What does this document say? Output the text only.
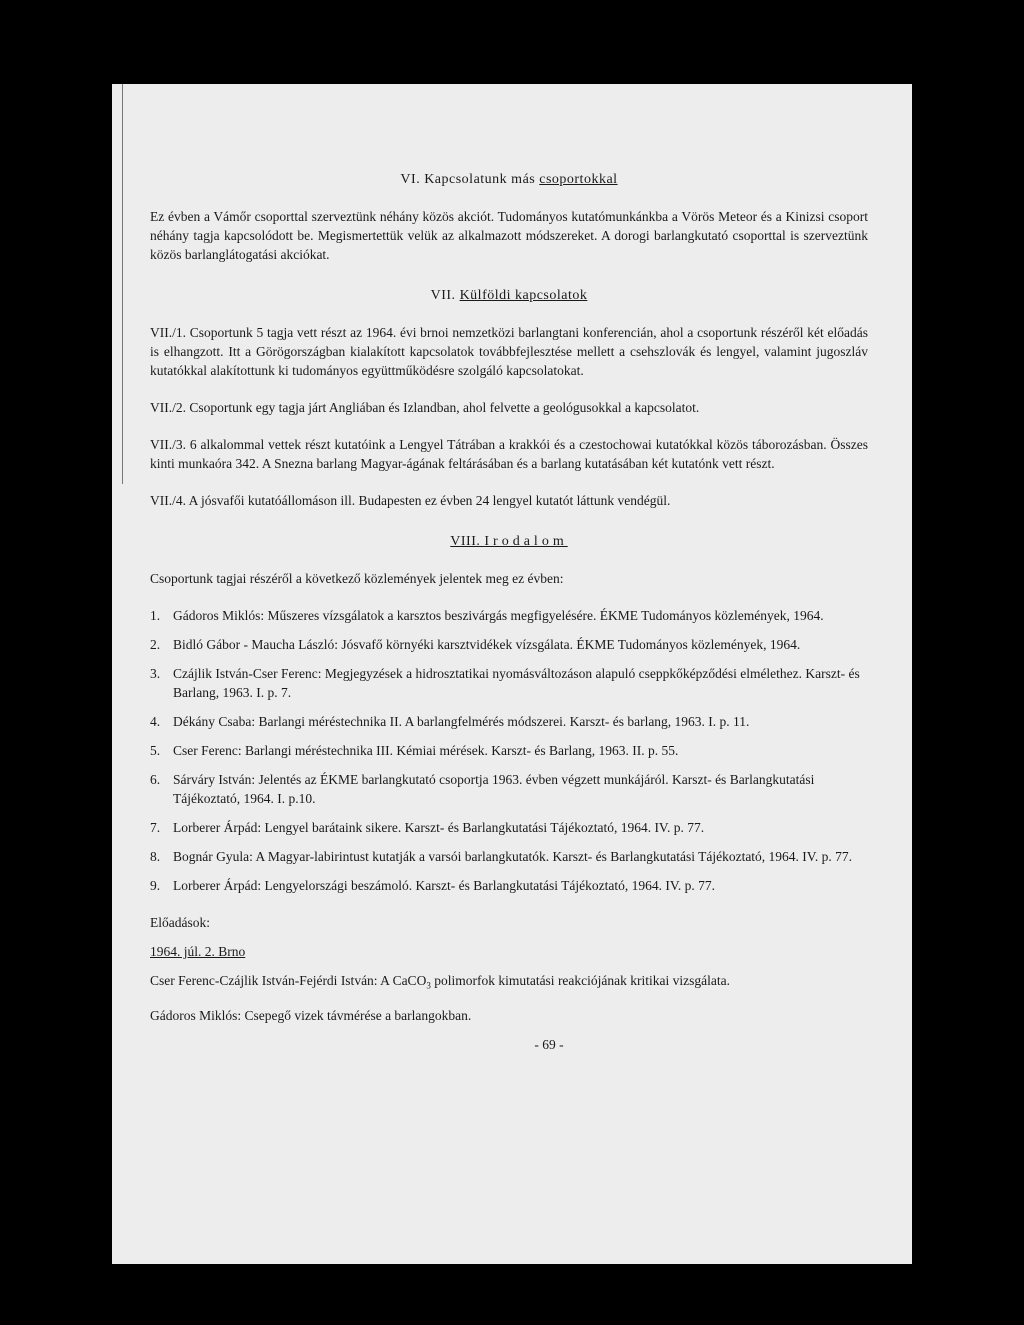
VI. Kapcsolatunk más csoportokkal

Ez évben a Vámőr csoporttal szerveztünk néhány közös akciót. Tudományos kutatómunkánkba a Vörös Meteor és a Kinizsi csoport néhány tagja kapcsolódott be. Megismertettük velük az alkalmazott módszereket. A dorogi barlangkutató csoporttal is szerveztünk közös barlanglátogatási akciókat.

VII. Külföldi kapcsolatok

VII./1. Csoportunk 5 tagja vett részt az 1964. évi brnoi nemzetközi barlangtani konferencián, ahol a csoportunk részéről két előadás is elhangzott. Itt a Görögországban kialakított kapcsolatok továbbfejlesztése mellett a csehszlovák és lengyel, valamint jugoszláv kutatókkal alakítottunk ki tudományos együttműködésre szolgáló kapcsolatokat.

VII./2. Csoportunk egy tagja járt Angliában és Izlandban, ahol felvette a geológusokkal a kapcsolatot.

VII./3. 6 alkalommal vettek részt kutatóink a Lengyel Tátrában a krakkói és a czestochowai kutatókkal közös táborozásban. Összes kinti munkaóra 342. A Snezna barlang Magyar-ágának feltárásában és a barlang kutatásában két kutatónk vett részt.

VII./4. A jósvafői kutatóállomáson ill. Budapesten ez évben 24 lengyel kutatót láttunk vendégül.

VIII. Irodalom

Csoportunk tagjai részéről a következő közlemények jelentek meg ez évben:

1. Gádoros Miklós: Műszeres vízsgálatok a karsztos beszivárgás megfigyelésére. ÉKME Tudományos közlemények, 1964.
2. Bidló Gábor - Maucha László: Jósvafő környéki karsztvidékek vízsgálata. ÉKME Tudományos közlemények, 1964.
3. Czájlik István-Cser Ferenc: Megjegyzések a hidrosztatikai nyomásváltozáson alapuló cseppkőképződési elmélethez. Karszt- és Barlang, 1963. I. p. 7.
4. Dékány Csaba: Barlangi méréstechnika II. A barlangfelmérés módszerei. Karszt- és barlang, 1963. I. p. 11.
5. Cser Ferenc: Barlangi méréstechnika III. Kémiai mérések. Karszt- és Barlang, 1963. II. p. 55.
6. Sárváry István: Jelentés az ÉKME barlangkutató csoportja 1963. évben végzett munkájáról. Karszt- és Barlangkutatási Tájékoztató, 1964. I. p.10.
7. Lorberer Árpád: Lengyel barátaink sikere. Karszt- és Barlangkutatási Tájékoztató, 1964. IV. p. 77.
8. Bognár Gyula: A Magyar-labirintust kutatják a varsói barlangkutatók. Karszt- és Barlangkutatási Tájékoztató, 1964. IV. p. 77.
9. Lorberer Árpád: Lengyelországi beszámoló. Karszt- és Barlangkutatási Tájékoztató, 1964. IV. p. 77.

Előadások:

1964. júl. 2. Brno

Cser Ferenc-Czájlik István-Fejérdi István: A CaCO$_3$ polimorfok kimutatási reakciójának kritikai vizsgálata.

Gádoros Miklós: Csepegő vizek távmérése a barlangokban.

- 69 -
